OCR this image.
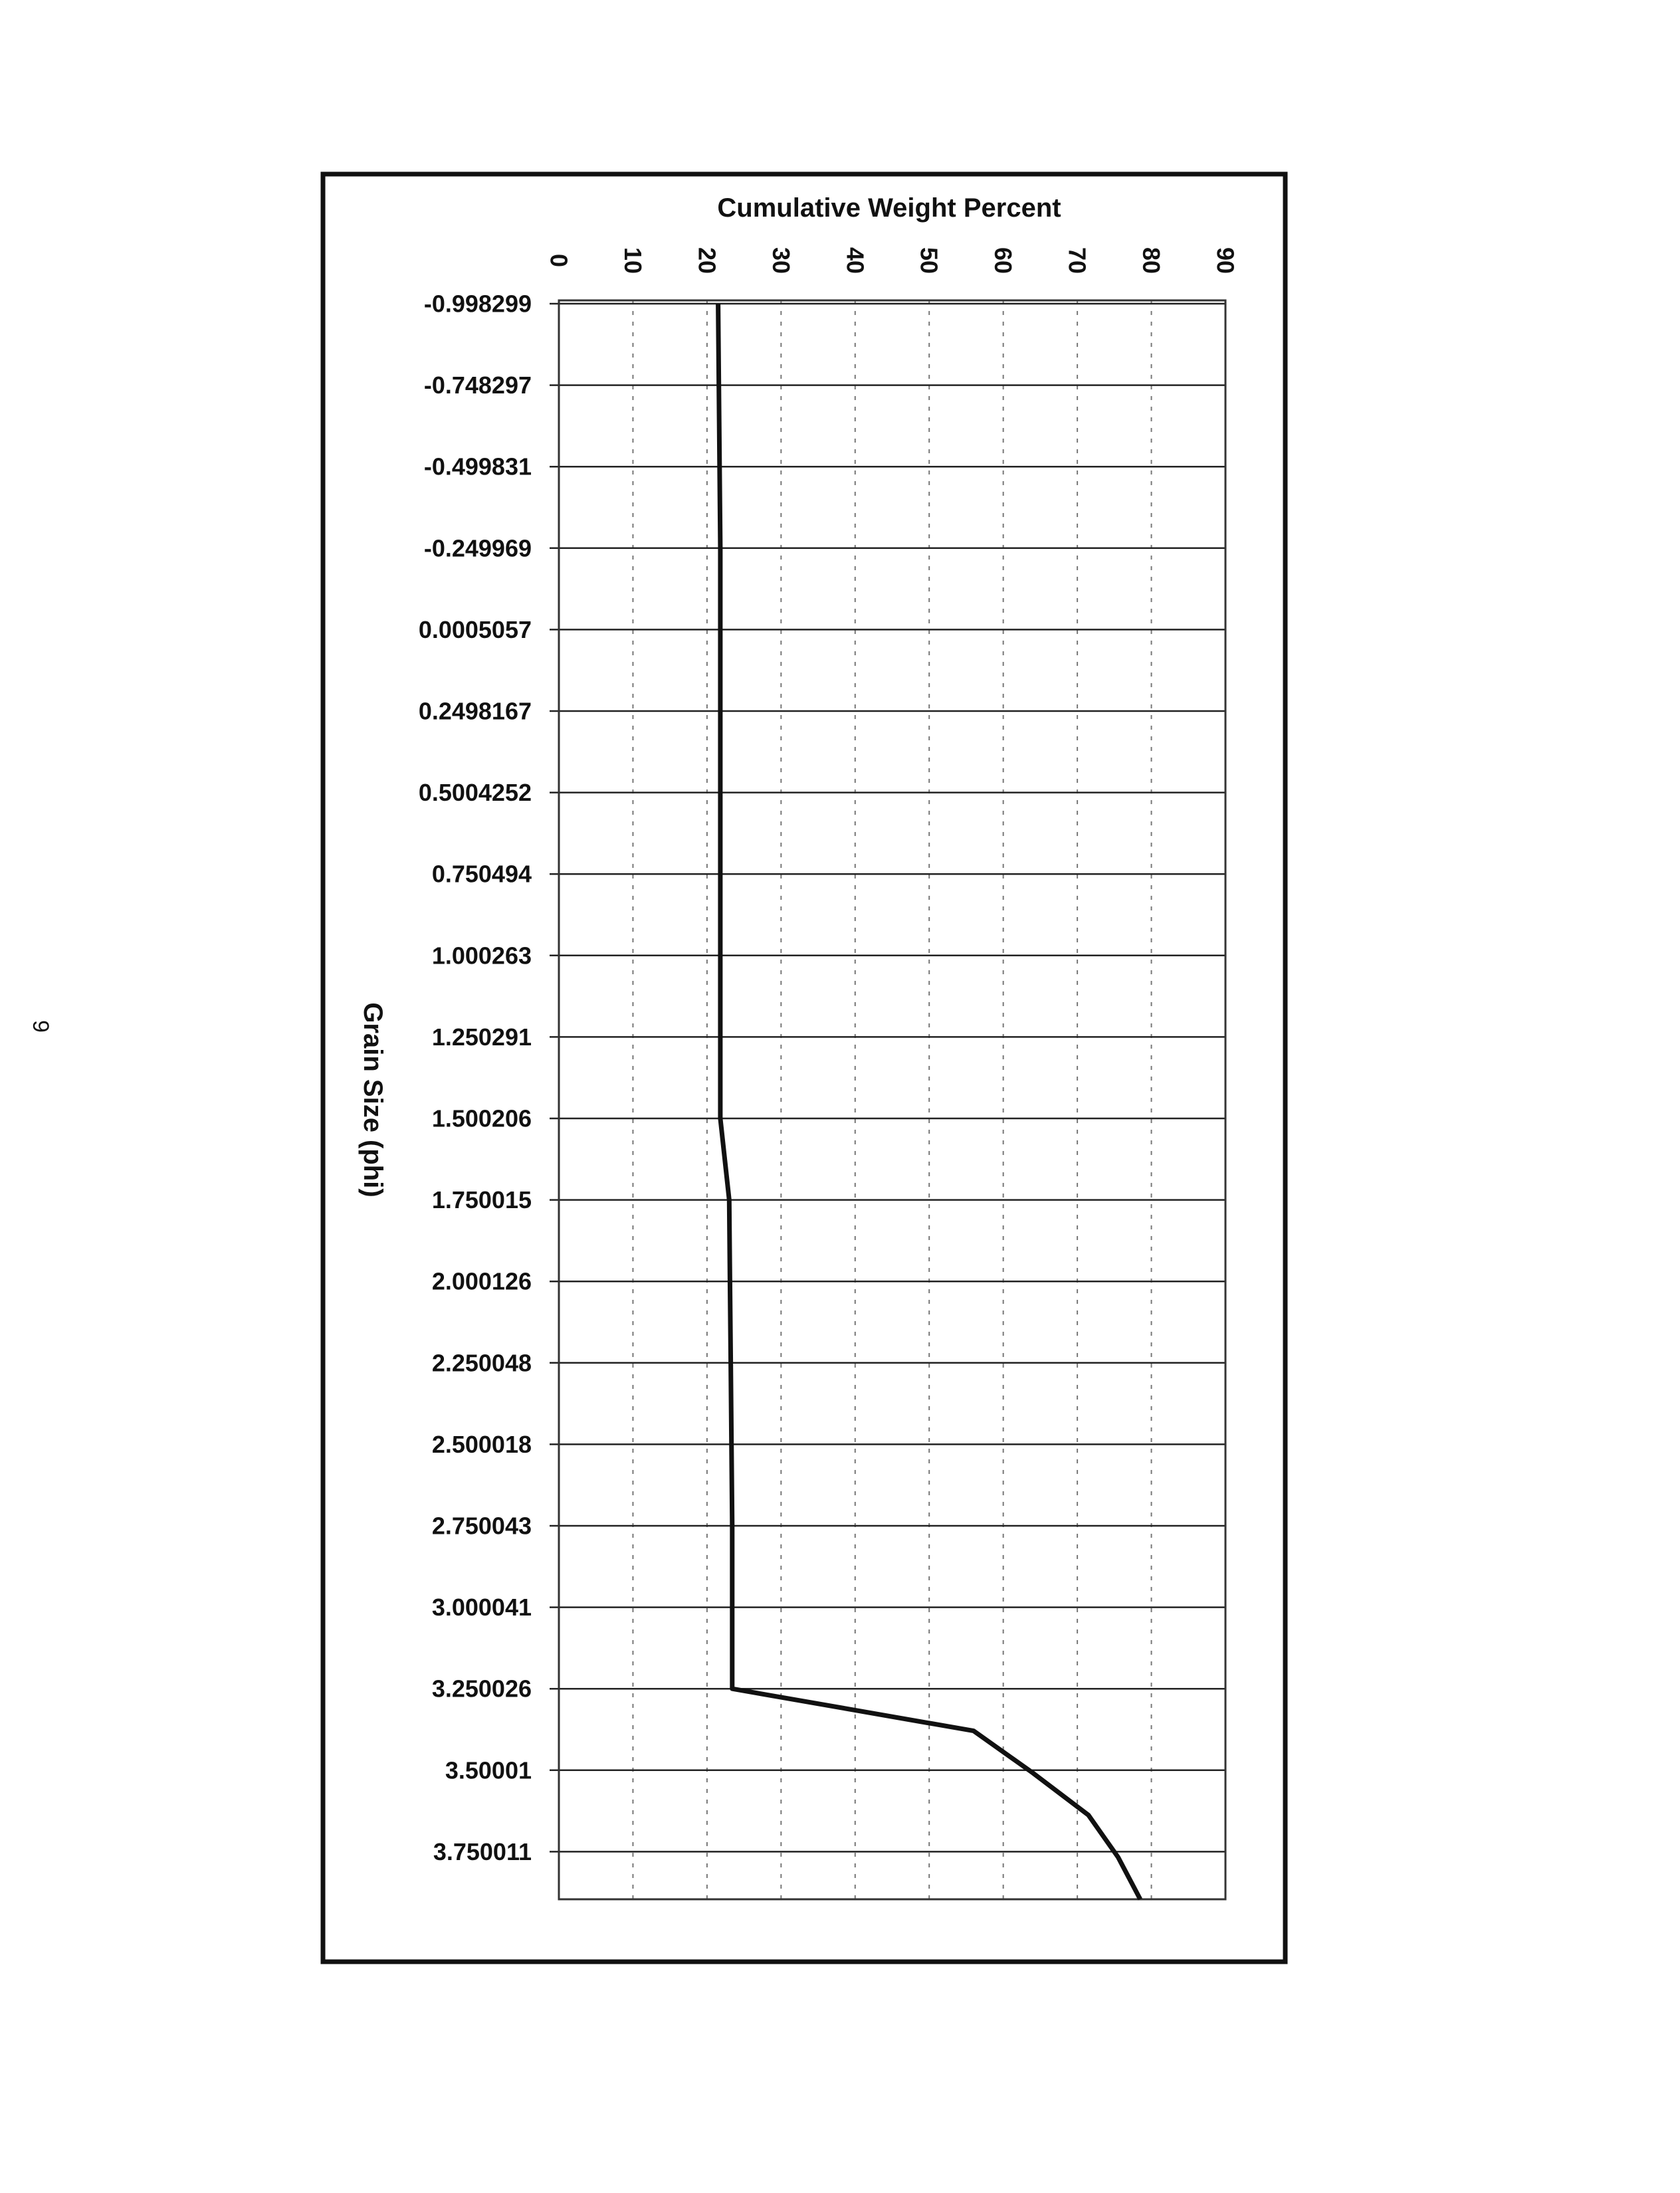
9
0 10 20 30 40 50 60 70 80 90
-0.998299
-0.748297
-0.499831
-0.249969
0.0005057
0.2498167
0.5004252
0.750494
1.000263
1.250291
1.500206
1.750015
2.000126
2.250048
2.500018
2.750043
3.000041
3.250026
3.50001
3.750011
Cumulative Weight Percent
Grain Size (phi)
